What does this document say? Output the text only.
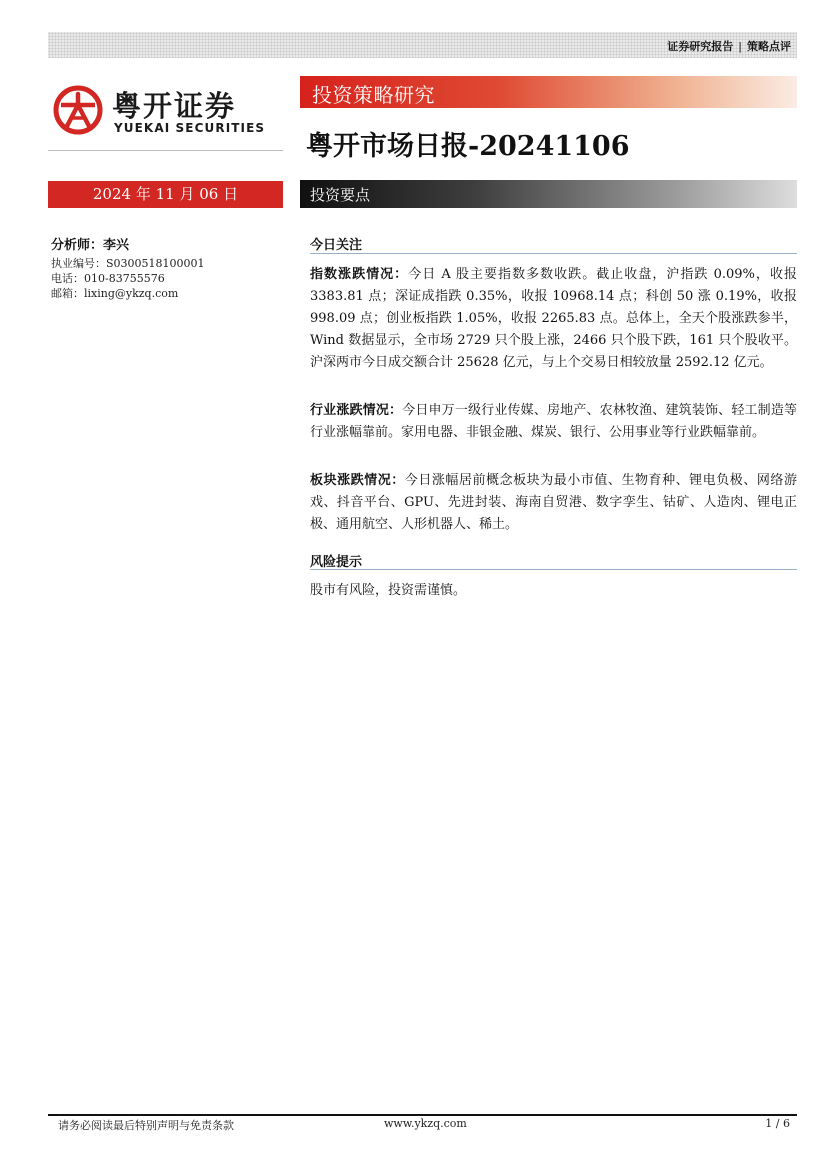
证券研究报告 | 策略点评
粤开证券
YUEKAI SECURITIES
投资策略研究
粤开市场日报-20241106
2024 年 11 月 06 日	投资要点
分析师：李兴
执业编号：S0300518100001
电话：010-83755576
邮箱：lixing@ykzq.com
今日关注
指数涨跌情况：今日 A 股主要指数多数收跌。截止收盘，沪指跌 0.09%，收报 3383.81 点；深证成指跌 0.35%，收报 10968.14 点；科创 50 涨 0.19%，收报 998.09 点；创业板指跌 1.05%，收报 2265.83 点。总体上，全天个股涨跌参半，Wind 数据显示，全市场 2729 只个股上涨，2466 只个股下跌，161 只个股收平。沪深两市今日成交额合计 25628 亿元，与上个交易日相较放量 2592.12 亿元。
行业涨跌情况：今日申万一级行业传媒、房地产、农林牧渔、建筑装饰、轻工制造等行业涨幅靠前。家用电器、非银金融、煤炭、银行、公用事业等行业跌幅靠前。
板块涨跌情况：今日涨幅居前概念板块为最小市值、生物育种、锂电负极、网络游戏、抖音平台、GPU、先进封装、海南自贸港、数字孪生、钴矿、人造肉、锂电正极、通用航空、人形机器人、稀土。
风险提示
股市有风险，投资需谨慎。
请务必阅读最后特别声明与免责条款	www.ykzq.com	1 / 6
